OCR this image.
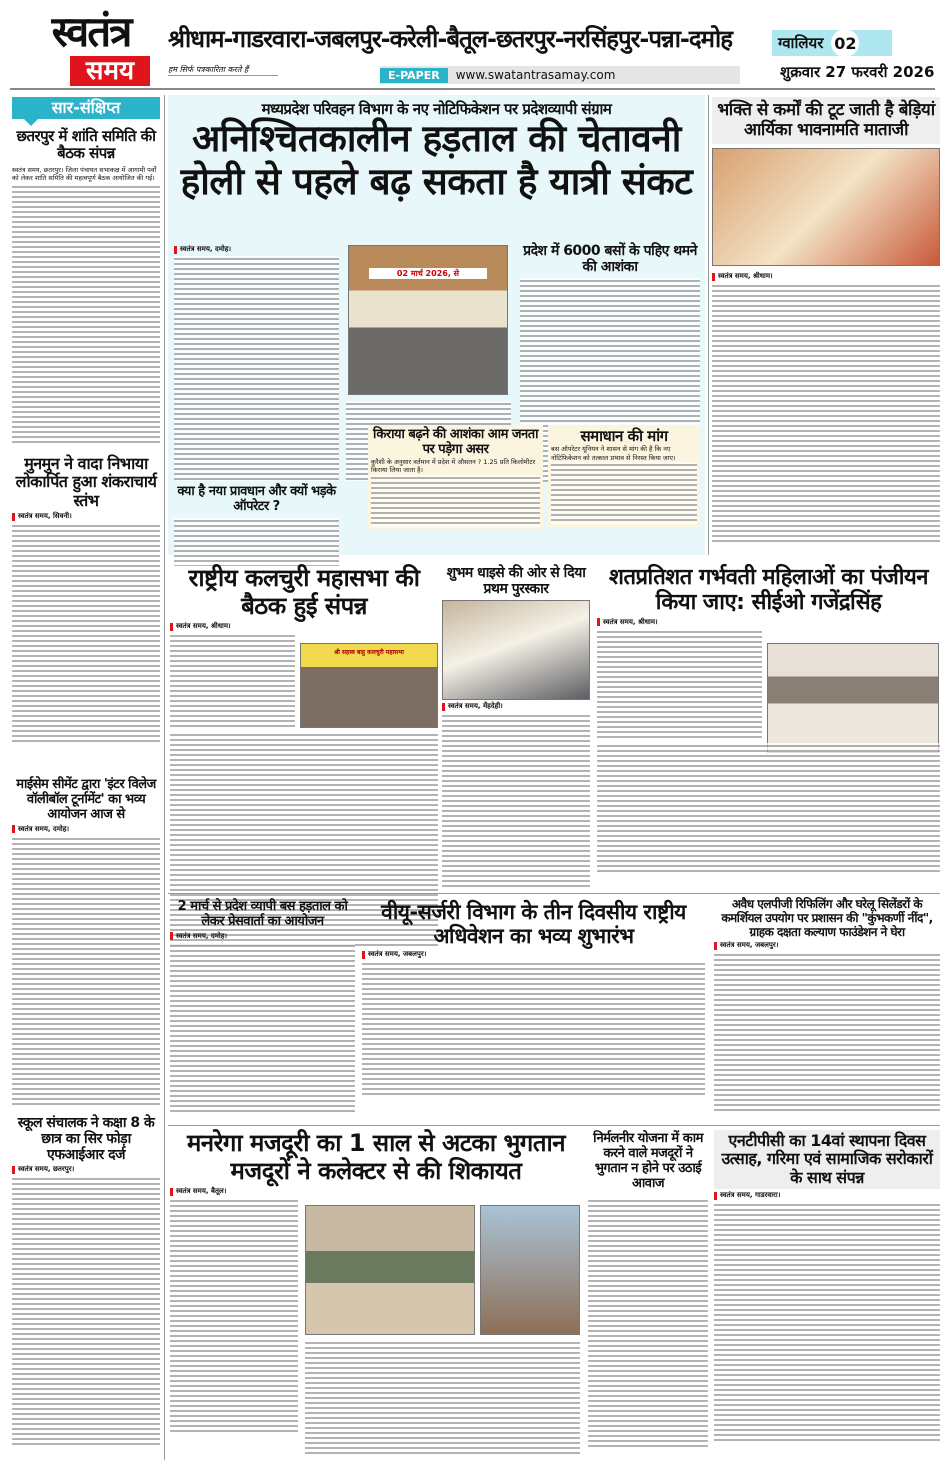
स्वतंत्र
समय
श्रीधाम-गाडरवारा-जबलपुर-करेली-बैतूल-छतरपुर-नरसिंहपुर-पन्ना-दमोह	ग्वालियर 02
हम सिर्फ पत्रकारिता करते हैं	E-PAPER	www.swatantrasamay.com	शुक्रवार 27 फरवरी 2026
सार-संक्षिप्त
छतरपुर में शांति समिति की बैठक संपन्न
स्वतंत्र समय, छतरपुर। जिला पंचायत सभाकक्ष में आगामी पर्वों को लेकर शांति समिति की महत्वपूर्ण बैठक आयोजित की गई।
मुनमुन ने वादा निभाया लोकार्पित हुआ शंकराचार्य स्तंभ
स्वतंत्र समय, सिवनी।
माईसेम सीमेंट द्वारा 'इंटर विलेज वॉलीबॉल टूर्नामेंट' का भव्य आयोजन आज से
स्वतंत्र समय, दमोह।
स्कूल संचालक ने कक्षा 8 के छात्र का सिर फोड़ा एफआईआर दर्ज
स्वतंत्र समय, छतरपुर।
मध्यप्रदेश परिवहन विभाग के नए नोटिफिकेशन पर प्रदेशव्यापी संग्राम
अनिश्चितकालीन हड़ताल की चेतावनी
होली से पहले बढ़ सकता है यात्री संकट
स्वतंत्र समय, दमोह।
क्या है नया प्रावधान और क्यों भड़के ऑपरेटर ?
02 मार्च 2026, से
प्रदेश में 6000 बसों के पहिए थमने की आशंका
किराया बढ़ने की आशंका आम जनता पर पड़ेगा असर
कुरैशी के अनुसार वर्तमान में प्रदेश में औसतन ? 1.25 प्रति किलोमीटर किराया लिया जाता है।
समाधान की मांग
बस ऑपरेटर यूनियन ने शासन से मांग की है कि नए नोटिफिकेशन को तत्काल प्रभाव से निरस्त किया जाए।
भक्ति से कर्मों की टूट जाती है बेड़ियां आर्यिका भावनामति माताजी
स्वतंत्र समय, श्रीधाम।
राष्ट्रीय कलचुरी महासभा की बैठक हुई संपन्न
स्वतंत्र समय, श्रीधाम।
श्री सहस्त्र बाहु कलचुरी महासभा
शुभम धाइसे की ओर से दिया प्रथम पुरस्कार
स्वतंत्र समय, मेंहदेही।
शतप्रतिशत गर्भवती महिलाओं का पंजीयन किया जाए: सीईओ गजेंद्रसिंह
स्वतंत्र समय, श्रीधाम।
2 मार्च से प्रदेश व्यापी बस हड़ताल को लेकर प्रेसवार्ता का आयोजन
स्वतंत्र समय, दमोह।
वीयू-सर्जरी विभाग के तीन दिवसीय राष्ट्रीय अधिवेशन का भव्य शुभारंभ
स्वतंत्र समय, जबलपुर।
अवैध एलपीजी रिफिलिंग और घरेलू सिलेंडरों के कमर्शियल उपयोग पर प्रशासन की "कुंभकर्णी नींद", ग्राहक दक्षता कल्याण फाउंडेशन ने घेरा
स्वतंत्र समय, जबलपुर।
मनरेगा मजदूरी का 1 साल से अटका भुगतान मजदूरों ने कलेक्टर से की शिकायत
स्वतंत्र समय, बैतूल।
निर्मलनीर योजना में काम करने वाले मजदूरों ने भुगतान न होने पर उठाई आवाज
एनटीपीसी का 14वां स्थापना दिवस उत्साह, गरिमा एवं सामाजिक सरोकारों के साथ संपन्न
स्वतंत्र समय, गाडरवारा।
